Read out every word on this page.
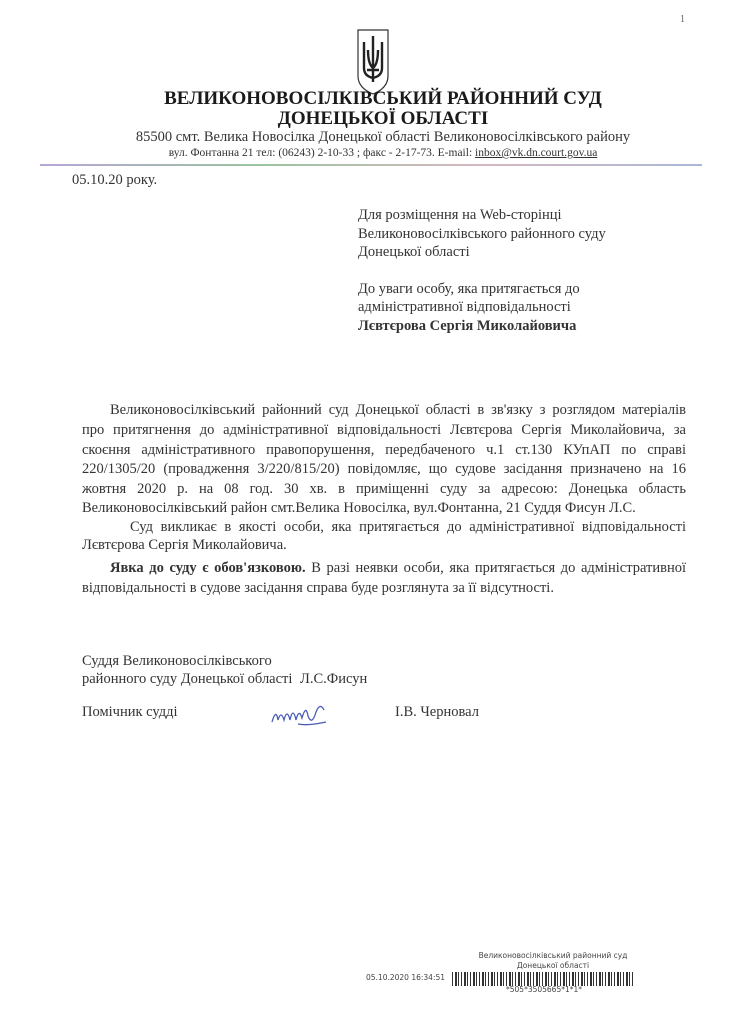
1
ВЕЛИКОНОВОСІЛКІВСЬКИЙ РАЙОННИЙ СУД
ДОНЕЦЬКОЇ ОБЛАСТІ
85500 смт. Велика Новосілка Донецької області Великоновосілківського району
вул. Фонтанна 21 тел: (06243) 2-10-33 ; факс - 2-17-73. E-mail: inbox@vk.dn.court.gov.ua
05.10.20 року.
Для розміщення на Web-сторінці
Великоновосілківського районного суду
Донецької області
До уваги особу, яка притягається до
адміністративної відповідальності
Лєвтєрова Сергія Миколайовича
Великоновосілківський районний суд Донецької області в зв'язку з розглядом матеріалів
про притягнення до адміністративної відповідальності Лєвтєрова Сергія Миколайовича, за
скоєння адміністративного правопорушення, передбаченого ч.1 ст.130 КУпАП по справі
220/1305/20 (провадження 3/220/815/20) повідомляє, що судове засідання призначено на 16
жовтня 2020 р. на 08 год. 30 хв. в приміщенні суду за адресою: Донецька область
Великоновосілківський район смт.Велика Новосілка, вул.Фонтанна, 21 Суддя Фисун Л.С.
Суд викликає в якості особи, яка притягається до адміністративної відповідальності
Лєвтєрова Сергія Миколайовича.
Явка до суду є обов'язковою. В разі неявки особи, яка притягається до адміністративної
відповідальності в судове засідання справа буде розглянута за її відсутності.
Суддя Великоновосілківського
районного суду Донецької області Л.С.Фисун
Помічник судді	І.В. Черновал
Великоновосілківський районний суд
Донецької області
05.10.2020 16:34:51
*505*3505665*1*1*
